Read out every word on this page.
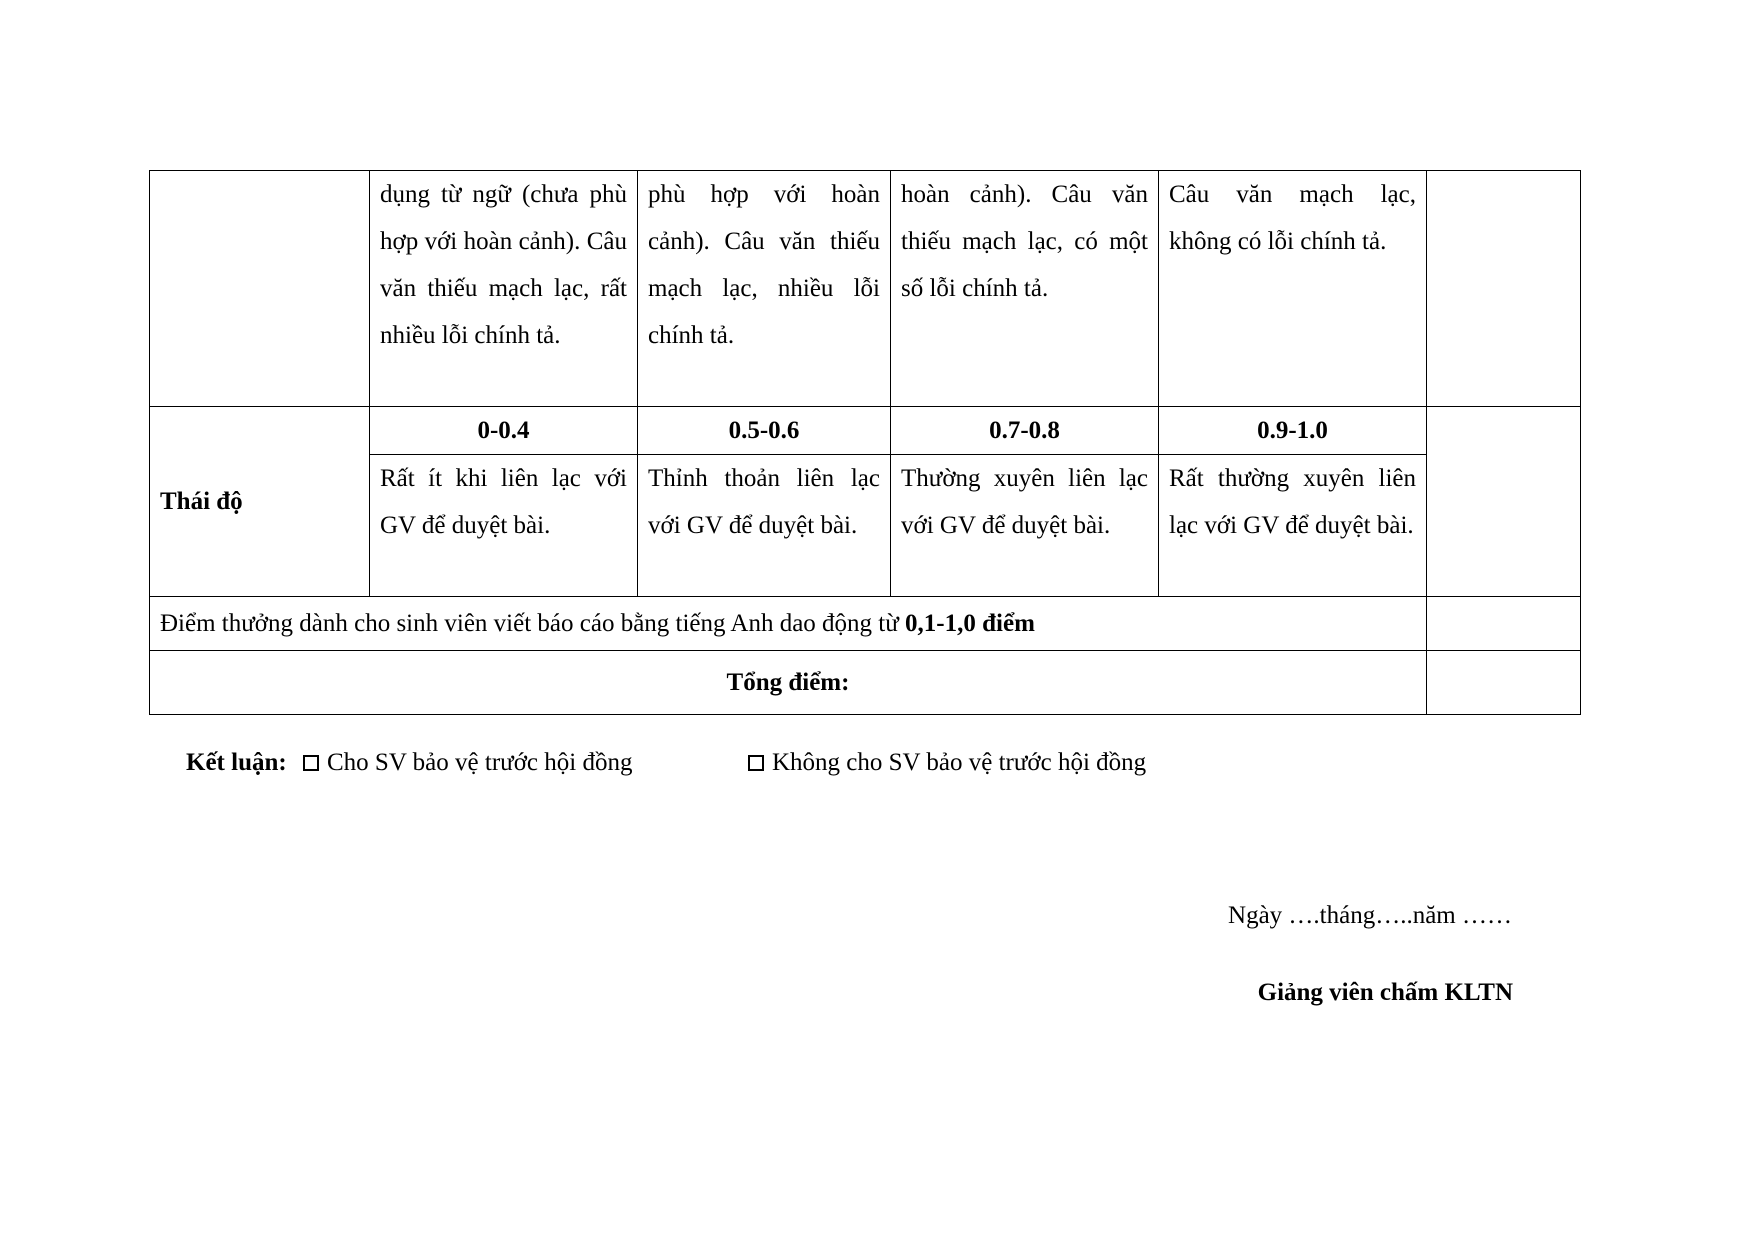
	dụng từ ngữ (chưa phù hợp với hoàn cảnh). Câu văn thiếu mạch lạc, rất nhiều lỗi chính tả.	phù hợp với hoàn cảnh). Câu văn thiếu mạch lạc, nhiều lỗi chính tả.	hoàn cảnh). Câu văn thiếu mạch lạc, có một số lỗi chính tả.	Câu văn mạch lạc, không có lỗi chính tả.	
Thái độ	0-0.4	0.5-0.6	0.7-0.8	0.9-1.0	
	Rất ít khi liên lạc với GV để duyệt bài.	Thỉnh thoản liên lạc với GV để duyệt bài.	Thường xuyên liên lạc với GV để duyệt bài.	Rất thường xuyên liên lạc với GV để duyệt bài.	
Điểm thưởng dành cho sinh viên viết báo cáo bằng tiếng Anh dao động từ 0,1-1,0 điểm					
Tổng điểm:					
Kết luận: Cho SV bảo vệ trước hội đồng	Không cho SV bảo vệ trước hội đồng
Ngày ….tháng…..năm ……
Giảng viên chấm KLTN
